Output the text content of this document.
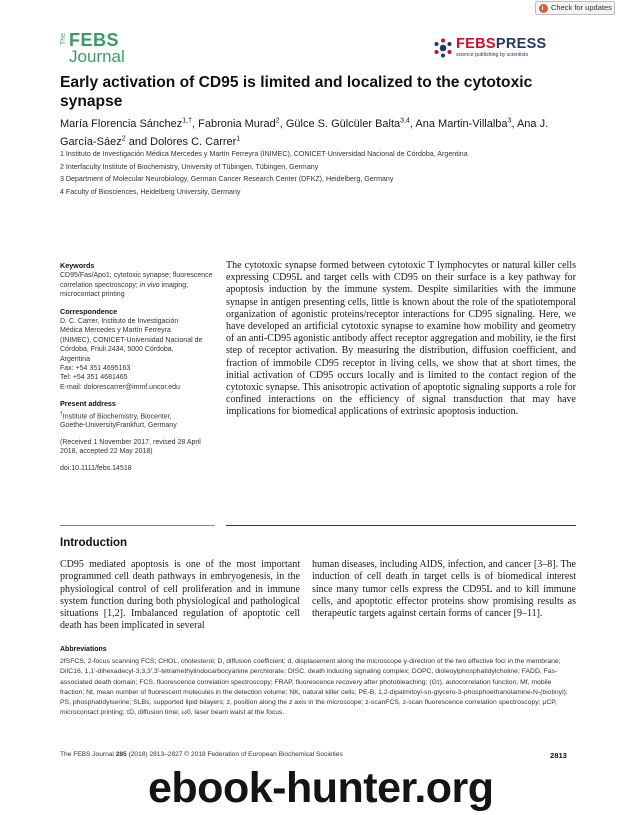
Check for updates
The FEBS
Journal
FEBSPRESS
science publishing by scientists
Early activation of CD95 is limited and localized to the cytotoxic synapse
María Florencia Sánchez$^{1,\dagger}$, Fabronia Murad$^2$, Gülce S. Gülcüler Balta$^{3,4}$, Ana Martin-Villalba$^3$, Ana J. García-Sáez$^2$ and Dolores C. Carrer$^1$
1 Instituto de Investigación Médica Mercedes y Martín Ferreyra (INIMEC), CONICET-Universidad Nacional de Córdoba, Argentina
2 Interfaculty Institute of Biochemistry, University of Tübingen, Tübingen, Germany
3 Department of Molecular Neurobiology, German Cancer Research Center (DFKZ), Heidelberg, Germany
4 Faculty of Biosciences, Heidelberg University, Germany
Keywords
CD95/Fas/Apo1; cytotoxic synapse; fluorescence correlation spectroscopy; in vivo imaging; microcontact printing
Correspondence
D. C. Carrer, Instituto de Investigación
Médica Mercedes y Martín Ferreyra
(INIMEC), CONICET-Universidad Nacional de
Córdoba, Friuli 2434, 5000 Córdoba,
Argentina
Fax: +54 351 4695163
Tel: +54 351 4681465
E-mail: dolorescarrer@immf.uncor.edu
Present address
†Institute of Biochemistry, Biocenter,
Goethe-UniversityFrankfurt, Germany
(Received 1 November 2017, revised 28 April 2018, accepted 22 May 2018)
doi:10.1111/febs.14518
The cytotoxic synapse formed between cytotoxic T lymphocytes or natural killer cells expressing CD95L and target cells with CD95 on their surface is a key pathway for apoptosis induction by the immune system. Despite similarities with the immune synapse in antigen presenting cells, little is known about the role of the spatiotemporal organization of agonistic proteins/receptor interactions for CD95 signaling. Here, we have developed an artificial cytotoxic synapse to examine how mobility and geometry of an anti-CD95 agonistic antibody affect receptor aggregation and mobility, ie the first step of receptor activation. By measuring the distribution, diffusion coefficient, and fraction of immobile CD95 receptor in living cells, we show that at short times, the initial activation of CD95 occurs locally and is limited to the contact region of the cytotoxic synapse. This anisotropic activation of apoptotic signaling supports a role for confined interactions on the efficiency of signal transduction that may have implications for biomedical applications of extrinsic apoptosis induction.
Introduction
CD95 mediated apoptosis is one of the most important programmed cell death pathways in embryogenesis, in the physiological control of cell proliferation and in immune system function during both physiological and pathological situations [1,2]. Imbalanced regulation of apoptotic cell death has been implicated in several
human diseases, including AIDS, infection, and cancer [3–8]. The induction of cell death in target cells is of biomedical interest since many tumor cells express the CD95L and to kill immune cells, and apoptotic effector proteins show promising results as therapeutic targets against certain forms of cancer [9–11].
Abbreviations
2fSFCS, 2-focus scanning FCS; CHOL, cholesterol; D, diffusion coefficient; d, displacement along the microscope y-direction of the two effective foci in the membrane; DiIC16, 1,1′-dihexadecyl-3,3,3′,3′-tetramethylindocarbocyanine perchlorate; DISC, death inducing signaling complex; DOPC, dioleoylphosphatidylcholine; FADD, Fas-associated death domain; FCS, fluorescence correlation spectroscopy; FRAP, fluorescence recovery after photobleaching; (Gτ), autocorrelation function; Mf, mobile fraction; Nt, mean number of fluorescent molecules in the detection volume; NK, natural killer cells; PE-B, 1,2-dipalmitoyl-sn-glycero-3-phosphoethanolamine-N-(biotinyl); PS, phosphatidylserine; SLBs, supported lipid bilayers; z, position along the z axis in the microscope; z-scanFCS, z-scan fluorescence correlation spectroscopy; μCP, microcontact printing; τD, diffusion time; ω0, laser beam waist at the focus.
The FEBS Journal 285 (2018) 2813–2827 © 2018 Federation of European Biochemical Societies	2813
ebook-hunter.org
